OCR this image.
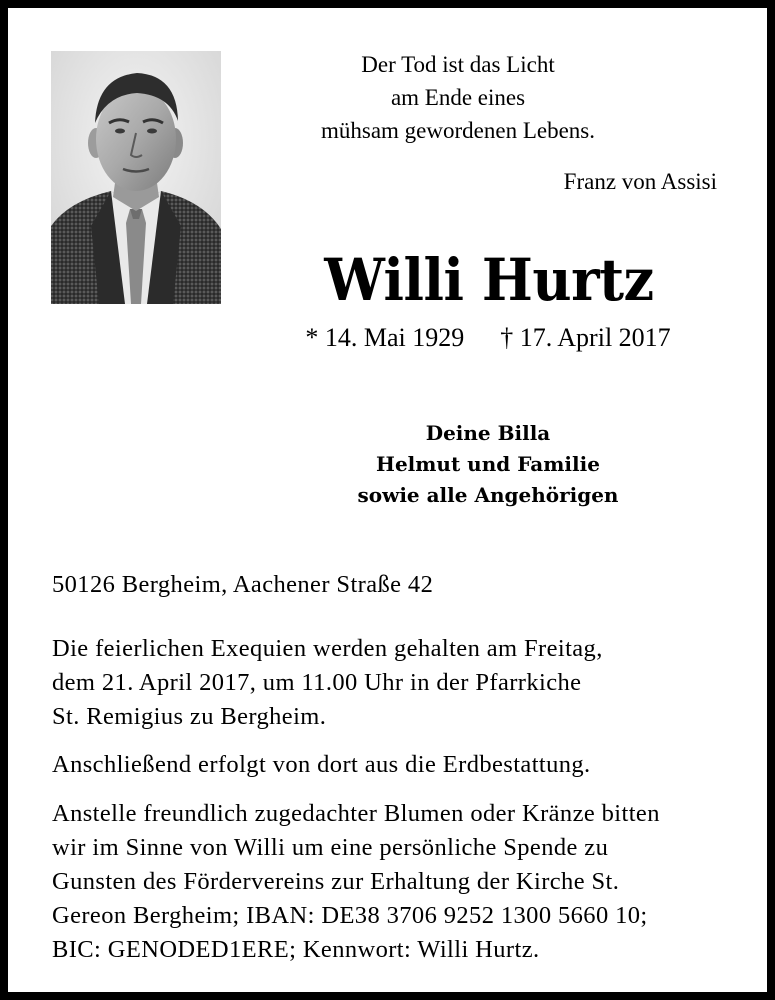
Der Tod ist das Licht
am Ende eines
mühsam gewordenen Lebens.
Franz von Assisi
Willi Hurtz
* 14. Mai 1929 † 17. April 2017
Deine Billa
Helmut und Familie
sowie alle Angehörigen
50126 Bergheim, Aachener Straße 42
Die feierlichen Exequien werden gehalten am Freitag,
dem 21. April 2017, um 11.00 Uhr in der Pfarrkiche
St. Remigius zu Bergheim.
Anschließend erfolgt von dort aus die Erdbestattung.
Anstelle freundlich zugedachter Blumen oder Kränze bitten
wir im Sinne von Willi um eine persönliche Spende zu
Gunsten des Fördervereins zur Erhaltung der Kirche St.
Gereon Bergheim; IBAN: DE38 3706 9252 1300 5660 10;
BIC: GENODED1ERE; Kennwort: Willi Hurtz.
